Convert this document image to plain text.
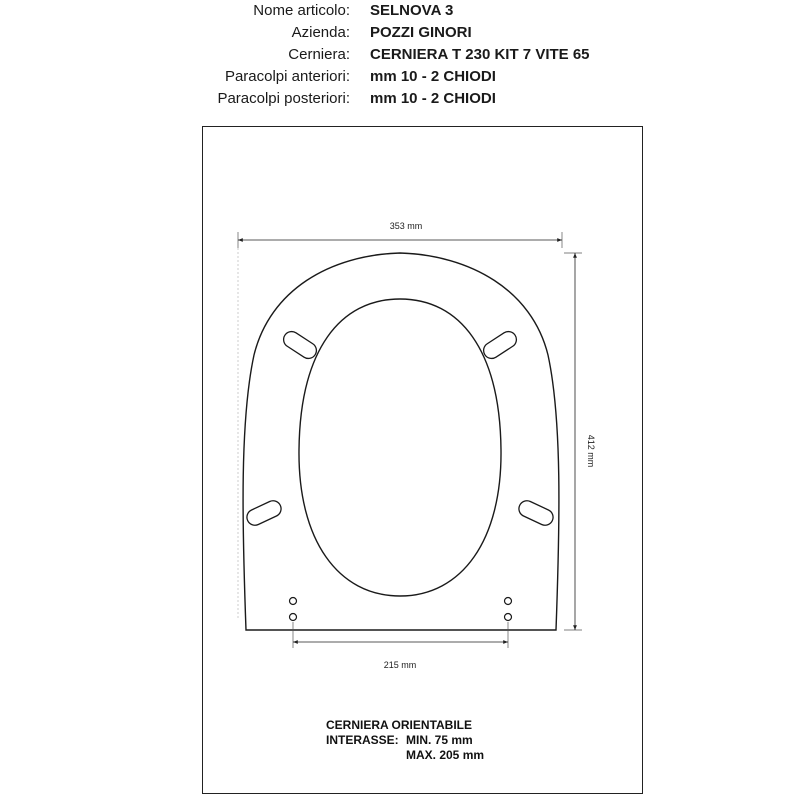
Nome articolo: SELNOVA 3
Azienda: POZZI GINORI
Cerniera: CERNIERA T 230 KIT 7 VITE 65
Paracolpi anteriori: mm 10 - 2 CHIODI
Paracolpi posteriori: mm 10 - 2 CHIODI
353 mm
412 mm
215 mm
CERNIERA ORIENTABILE
INTERASSE: MIN. 75 mm
MAX. 205 mm
